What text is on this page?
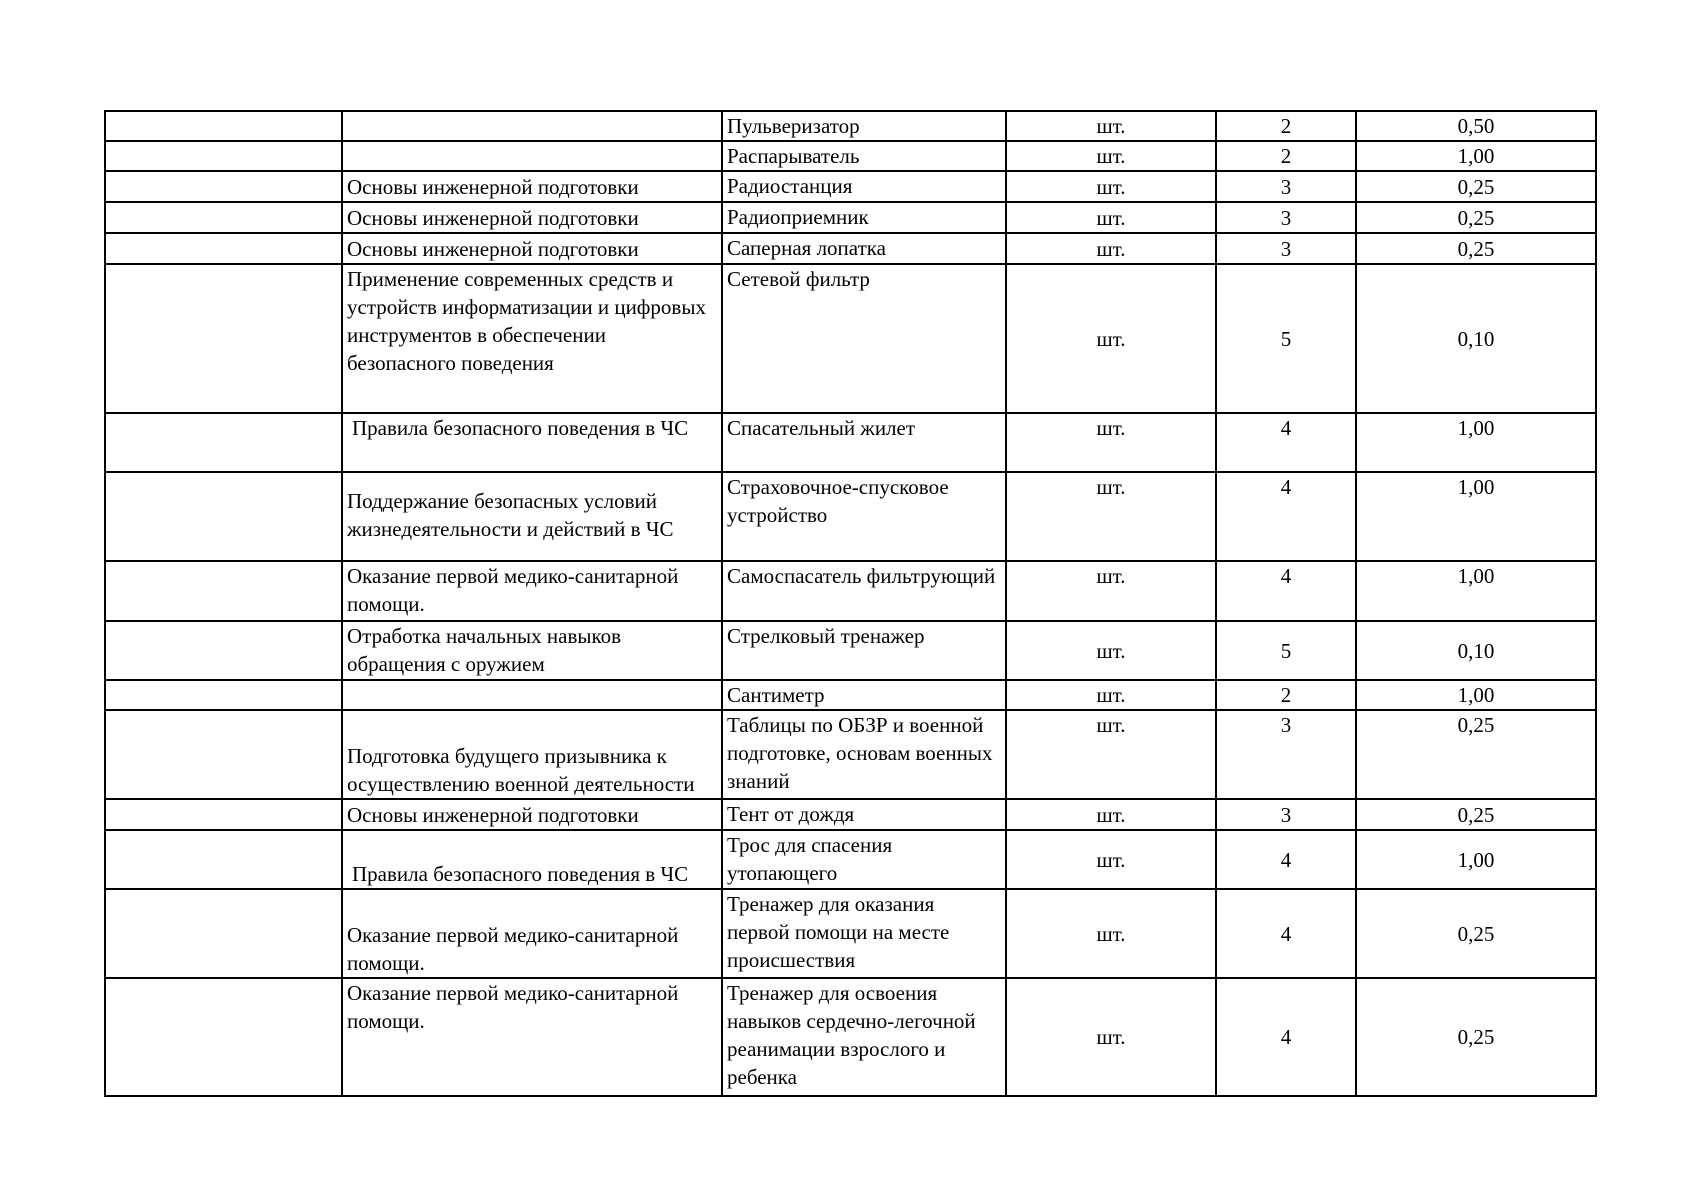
		Пульверизатор	шт.	2	0,50
		Распарыватель	шт.	2	1,00
	Основы инженерной подготовки	Радиостанция	шт.	3	0,25
	Основы инженерной подготовки	Радиоприемник	шт.	3	0,25
	Основы инженерной подготовки	Саперная лопатка	шт.	3	0,25
	Применение современных средств и устройств информатизации и цифровых инструментов в обеспечении безопасного поведения	Сетевой фильтр	шт.	5	0,10
	Правила безопасного поведения в ЧС	Спасательный жилет	шт.	4	1,00
	Поддержание безопасных условий жизнедеятельности и действий в ЧС	Страховочное-спусковое устройство	шт.	4	1,00
	Оказание первой медико-санитарной помощи.	Самоспасатель фильтрующий	шт.	4	1,00
	Отработка начальных навыков обращения с оружием	Стрелковый тренажер	шт.	5	0,10
		Сантиметр	шт.	2	1,00
	Подготовка будущего призывника к осуществлению военной деятельности	Таблицы по ОБЗР и военной подготовке, основам военных знаний	шт.	3	0,25
	Основы инженерной подготовки	Тент от дождя	шт.	3	0,25
	Правила безопасного поведения в ЧС	Трос для спасения утопающего	шт.	4	1,00
	Оказание первой медико-санитарной помощи.	Тренажер для оказания первой помощи на месте происшествия	шт.	4	0,25
	Оказание первой медико-санитарной помощи.	Тренажер для освоения навыков сердечно-легочной реанимации взрослого и ребенка	шт.	4	0,25
